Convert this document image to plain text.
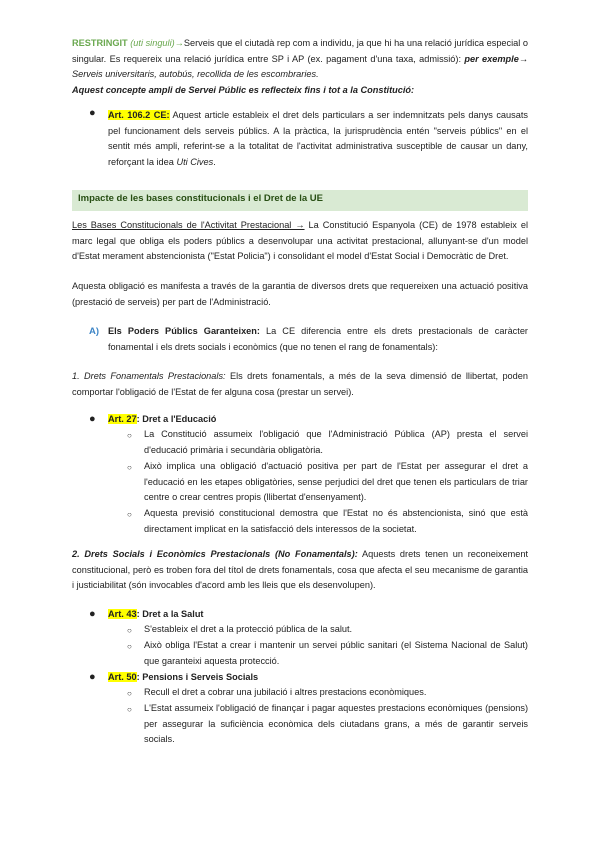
RESTRINGIT (uti singuli)→Serveis que el ciutadà rep com a individu, ja que hi ha una relació jurídica especial o singular. Es requereix una relació jurídica entre SP i AP (ex. pagament d'una taxa, admissió): per exemple→ Serveis universitaris, autobús, recollida de les escombraries.
Aquest concepte ampli de Servei Públic es reflecteix fins i tot a la Constitució:

● Art. 106.2 CE: Aquest article estableix el dret dels particulars a ser indemnitzats pels danys causats pel funcionament dels serveis públics. A la pràctica, la jurisprudència entén "serveis públics" en el sentit més ampli, referint-se a la totalitat de l'activitat administrativa susceptible de causar un dany, reforçant la idea Uti Cives.

Impacte de les bases constitucionals i el Dret de la UE

Les Bases Constitucionals de l'Activitat Prestacional → La Constitució Espanyola (CE) de 1978 estableix el marc legal que obliga els poders públics a desenvolupar una activitat prestacional, allunyant-se d'un model d'Estat merament abstencionista ("Estat Policia") i consolidant el model d'Estat Social i Democràtic de Dret.

Aquesta obligació es manifesta a través de la garantia de diversos drets que requereixen una actuació positiva (prestació de serveis) per part de l'Administració.

A) Els Poders Públics Garanteixen: La CE diferencia entre els drets prestacionals de caràcter fonamental i els drets socials i econòmics (que no tenen el rang de fonamentals):

1. Drets Fonamentals Prestacionals: Els drets fonamentals, a més de la seva dimensió de llibertat, poden comportar l'obligació de l'Estat de fer alguna cosa (prestar un servei).

● Art. 27: Dret a l'Educació

○ La Constitució assumeix l'obligació que l'Administració Pública (AP) presta el servei d'educació primària i secundària obligatòria.

○ Això implica una obligació d'actuació positiva per part de l'Estat per assegurar el dret a l'educació en les etapes obligatòries, sense perjudici del dret que tenen els particulars de triar centre o crear centres propis (llibertat d'ensenyament).

○ Aquesta previsió constitucional demostra que l'Estat no és abstencionista, sinó que està directament implicat en la satisfacció dels interessos de la societat.

2. Drets Socials i Econòmics Prestacionals (No Fonamentals): Aquests drets tenen un reconeixement constitucional, però es troben fora del títol de drets fonamentals, cosa que afecta el seu mecanisme de garantia i justiciabilitat (són invocables d'acord amb les lleis que els desenvolupen).

● Art. 43: Dret a la Salut

○ S'estableix el dret a la protecció pública de la salut.

○ Això obliga l'Estat a crear i mantenir un servei públic sanitari (el Sistema Nacional de Salut) que garanteixi aquesta protecció.

● Art. 50: Pensions i Serveis Socials

○ Recull el dret a cobrar una jubilació i altres prestacions econòmiques.

○ L'Estat assumeix l'obligació de finançar i pagar aquestes prestacions econòmiques (pensions) per assegurar la suficiència econòmica dels ciutadans grans, a més de garantir serveis socials.
